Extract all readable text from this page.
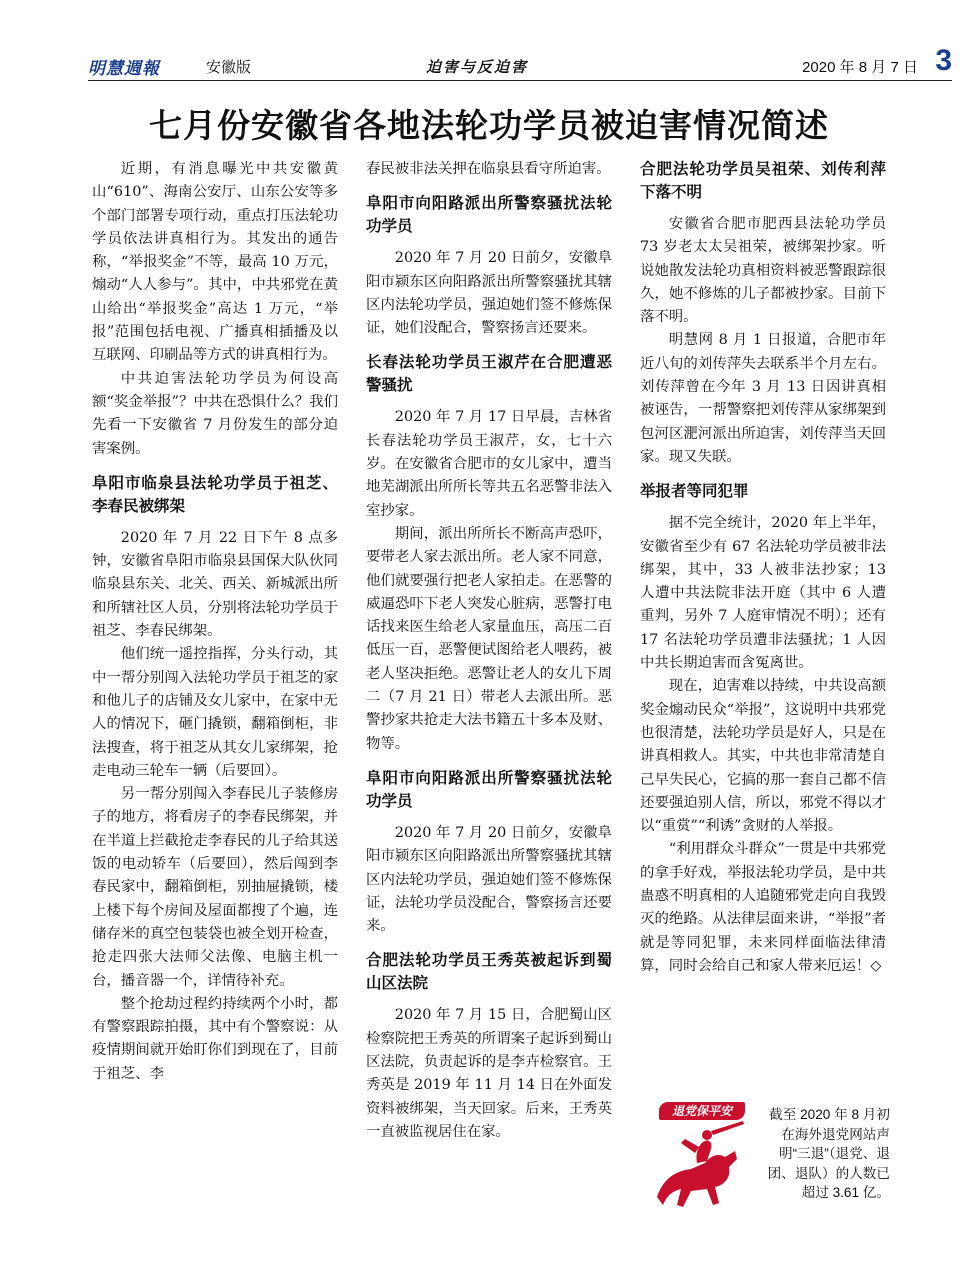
明慧週報	安徽版	迫害与反迫害	2020 年 8 月 7 日 3
七月份安徽省各地法轮功学员被迫害情况简述

近期，有消息曝光中共安徽黄山“610”、海南公安厅、山东公安等多个部门部署专项行动，重点打压法轮功学员依法讲真相行为。其发出的通告称，“举报奖金”不等，最高 10 万元，煽动“人人参与”。其中，中共邪党在黄山给出“举报奖金”高达 1 万元，“举报”范围包括电视、广播真相插播及以互联网、印刷品等方式的讲真相行为。

中共迫害法轮功学员为何设高额“奖金举报”？中共在恐惧什么？我们先看一下安徽省 7 月份发生的部分迫害案例。

阜阳市临泉县法轮功学员于祖芝、李春民被绑架

2020 年 7 月 22 日下午 8 点多钟，安徽省阜阳市临泉县国保大队伙同临泉县东关、北关、西关、新城派出所和所辖社区人员，分别将法轮功学员于祖芝、李春民绑架。

他们统一遥控指挥，分头行动，其中一帮分别闯入法轮功学员于祖芝的家和他儿子的店铺及女儿家中，在家中无人的情况下，砸门撬锁，翻箱倒柜，非法搜查，将于祖芝从其女儿家绑架，抢走电动三轮车一辆（后要回）。

另一帮分别闯入李春民儿子装修房子的地方，将看房子的李春民绑架，并在半道上拦截抢走李春民的儿子给其送饭的电动轿车（后要回），然后闯到李春民家中，翻箱倒柜，别抽屉撬锁，楼上楼下每个房间及屋面都搜了个遍，连储存米的真空包装袋也被全划开检查，抢走四张大法师父法像、电脑主机一台，播音器一个，详情待补充。

整个抢劫过程约持续两个小时，都有警察跟踪拍摄，其中有个警察说：从疫情期间就开始盯你们到现在了，目前于祖芝、李

春民被非法关押在临泉县看守所迫害。

阜阳市向阳路派出所警察骚扰法轮功学员

2020 年 7 月 20 日前夕，安徽阜阳市颍东区向阳路派出所警察骚扰其辖区内法轮功学员，强迫她们签不修炼保证，她们没配合，警察扬言还要来。

长春法轮功学员王淑芹在合肥遭恶警骚扰

2020 年 7 月 17 日早晨，吉林省长春法轮功学员王淑芹，女，七十六岁。在安徽省合肥市的女儿家中，遭当地芜湖派出所所长等共五名恶警非法入室抄家。

期间，派出所所长不断高声恐吓，要带老人家去派出所。老人家不同意，他们就要强行把老人家拍走。在恶警的威逼恐吓下老人突发心脏病，恶警打电话找来医生给老人家量血压，高压二百低压一百，恶警便试图给老人喂药，被老人坚决拒绝。恶警让老人的女儿下周二（7 月 21 日）带老人去派出所。恶警抄家共抢走大法书籍五十多本及财、物等。

阜阳市向阳路派出所警察骚扰法轮功学员

2020 年 7 月 20 日前夕，安徽阜阳市颍东区向阳路派出所警察骚扰其辖区内法轮功学员，强迫她们签不修炼保证，法轮功学员没配合，警察扬言还要来。

合肥法轮功学员王秀英被起诉到蜀山区法院

2020 年 7 月 15 日，合肥蜀山区检察院把王秀英的所谓案子起诉到蜀山区法院，负责起诉的是李卉检察官。王秀英是 2019 年 11 月 14 日在外面发资料被绑架，当天回家。后来，王秀英一直被监视居住在家。

合肥法轮功学员吴祖荣、刘传利萍下落不明

安徽省合肥市肥西县法轮功学员 73 岁老太太吴祖荣，被绑架抄家。听说她散发法轮功真相资料被恶警跟踪很久，她不修炼的儿子都被抄家。目前下落不明。

明慧网 8 月 1 日报道，合肥市年近八旬的刘传萍失去联系半个月左右。刘传萍曾在今年 3 月 13 日因讲真相被诬告，一帮警察把刘传萍从家绑架到包河区淝河派出所迫害，刘传萍当天回家。现又失联。

举报者等同犯罪

据不完全统计，2020 年上半年，安徽省至少有 67 名法轮功学员被非法绑架，其中，33 人被非法抄家；13 人遭中共法院非法开庭（其中 6 人遭重判，另外 7 人庭审情况不明）；还有 17 名法轮功学员遭非法骚扰；1 人因中共长期迫害而含冤离世。

现在，迫害难以持续，中共设高额奖金煽动民众“举报”，这说明中共邪党也很清楚，法轮功学员是好人，只是在讲真相救人。其实，中共也非常清楚自己早失民心，它搞的那一套自己都不信还要强迫别人信，所以，邪党不得以才以“重赏”“利诱”贪财的人举报。

“利用群众斗群众”一贯是中共邪党的拿手好戏，举报法轮功学员，是中共蛊惑不明真相的人追随邪党走向自我毁灭的绝路。从法律层面来讲，“举报”者就是等同犯罪，未来同样面临法律清算，同时会给自己和家人带来厄运！◇

退党保平安	截至 2020 年 8 月初在海外退党网站声明“三退”（退党、退团、退队）的人数已超过 3.61 亿。
